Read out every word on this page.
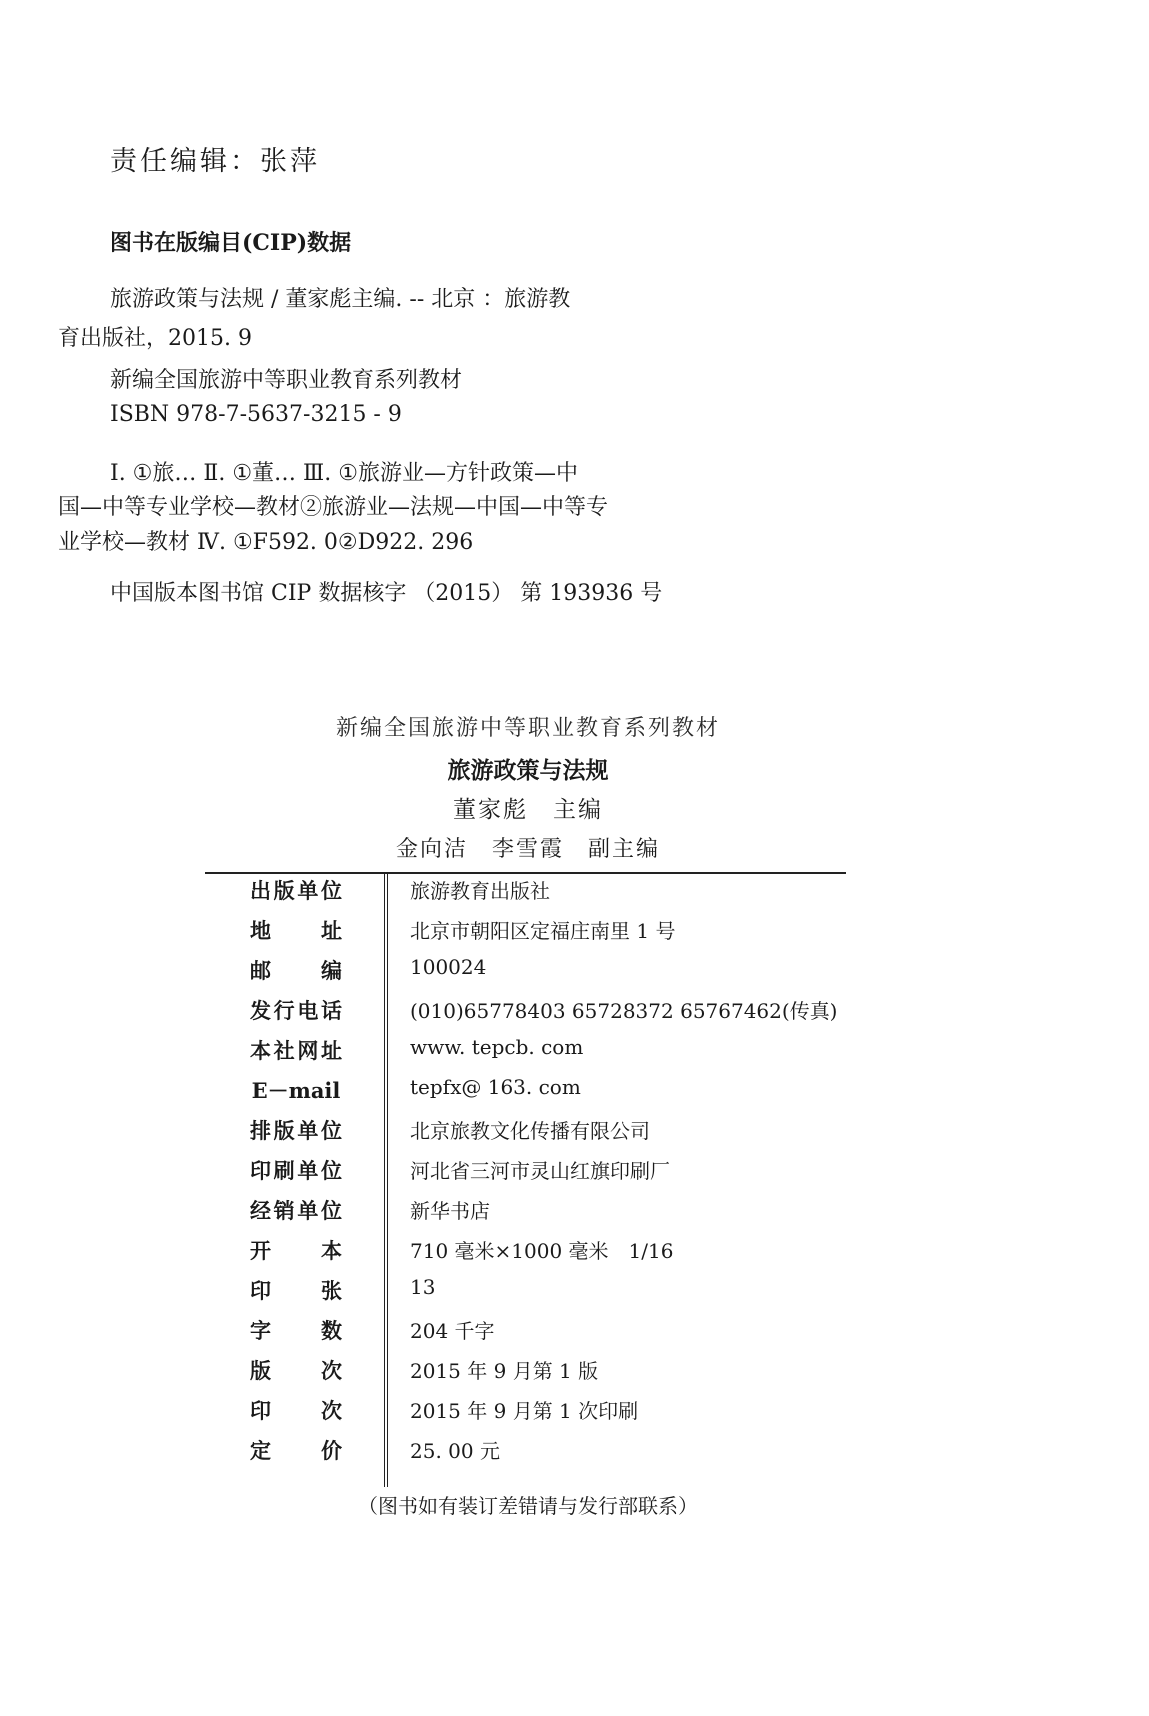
责任编辑：张萍
图书在版编目(CIP)数据
旅游政策与法规 / 董家彪主编. -- 北京 ：旅游教
育出版社，2015. 9
新编全国旅游中等职业教育系列教材
ISBN 978-7-5637-3215 - 9
Ⅰ. ①旅… Ⅱ. ①董… Ⅲ. ①旅游业—方针政策—中
国—中等专业学校—教材②旅游业—法规—中国—中等专
业学校—教材 Ⅳ. ①F592. 0②D922. 296
中国版本图书馆 CIP 数据核字 （2015） 第 193936 号
新编全国旅游中等职业教育系列教材
旅游政策与法规
董家彪　主编
金向洁　李雪霞　副主编
出版单位	旅游教育出版社
地址	北京市朝阳区定福庄南里 1 号
邮编	100024
发行电话	(010)65778403 65728372 65767462(传真)
本社网址	www. tepcb. com
E－mail	tepfx@ 163. com
排版单位	北京旅教文化传播有限公司
印刷单位	河北省三河市灵山红旗印刷厂
经销单位	新华书店
开本	710 毫米×1000 毫米　1/16
印张	13
字数	204 千字
版次	2015 年 9 月第 1 版
印次	2015 年 9 月第 1 次印刷
定价	25. 00 元
（图书如有装订差错请与发行部联系）
